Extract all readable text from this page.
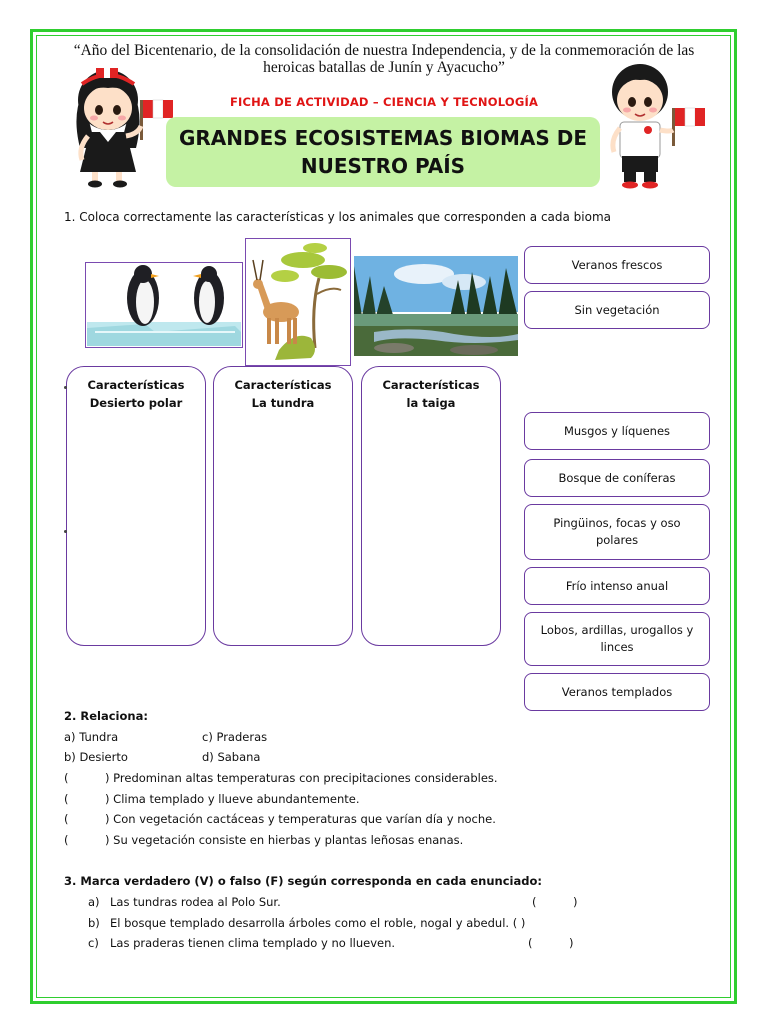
“Año del Bicentenario, de la consolidación de nuestra Independencia, y de la conmemoración de las heroicas batallas de Junín y Ayacucho”
FICHA DE ACTIVIDAD – CIENCIA Y TECNOLOGÍA
GRANDES ECOSISTEMAS BIOMAS DE
NUESTRO PAÍS
1. Coloca correctamente las características y los animales que corresponden a cada bioma
Características
Desierto polar
Características
La tundra
Características
la taiga
Veranos frescos
Sin vegetación
Musgos y líquenes
Bosque de coníferas
Pingüinos, focas y oso polares
Frío intenso anual
Lobos, ardillas, urogallos y linces
Veranos templados
2. Relaciona:
a) Tundra	c) Praderas
b) Desierto	d) Sabana
(          ) Predominan altas temperaturas con precipitaciones considerables.
(          ) Clima templado y llueve abundantemente.
(          ) Con vegetación cactáceas y temperaturas que varían día y noche.
(          ) Su vegetación consiste en hierbas y plantas leñosas enanas.
3. Marca verdadero (V) o falso (F) según corresponda en cada enunciado:
a) Las tundras rodea al Polo Sur.	(          )
b) El bosque templado desarrolla árboles como el roble, nogal y abedul. ( )
c) Las praderas tienen clima templado y no llueven.	(          )
